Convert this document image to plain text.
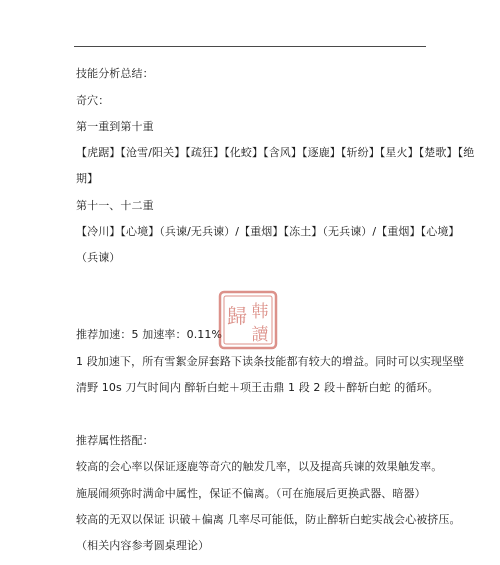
技能分析总结：
奇穴：
第一重到第十重
【虎踞】【沧雪/阳关】【疏狂】【化蛟】【含风】【逐鹿】【斩纷】【星火】【楚歌】【绝
期】
第十一、十二重
【冷川】【心境】（兵谏/无兵谏）/【重烟】【冻土】（无兵谏）/【重烟】【心境】
（兵谏）
推荐加速：5 加速率：0.11%
1 段加速下，所有雪絮金屏套路下读条技能都有较大的增益。同时可以实现坚壁
清野 10s 刀气时间内 醉斩白蛇＋项王击鼎 1 段 2 段＋醉斩白蛇 的循环。
推荐属性搭配：
较高的会心率以保证逐鹿等奇穴的触发几率，以及提高兵谏的效果触发率。
施展闹须弥时满命中属性，保证不偏离。（可在施展后更换武器、暗器）
较高的无双以保证 识破＋偏离 几率尽可能低，防止醉斩白蛇实战会心被挤压。
（相关内容参考圆桌理论）
韩
歸
讀
